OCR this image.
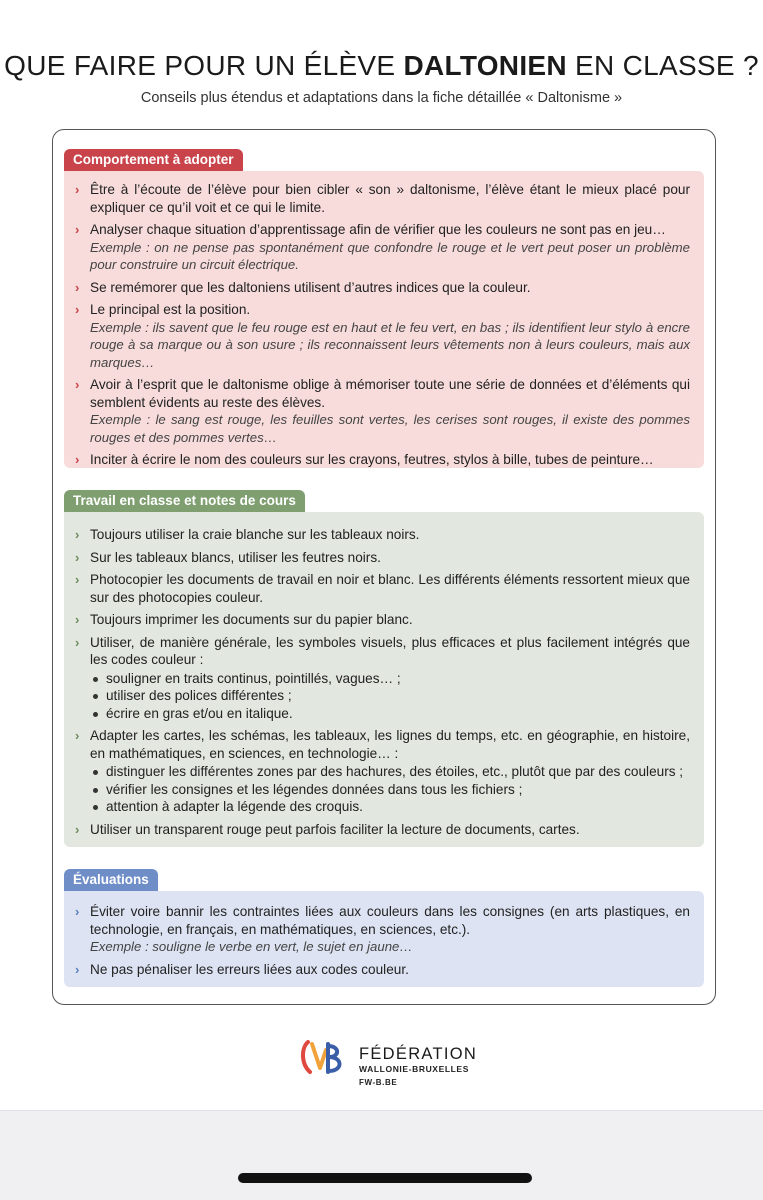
QUE FAIRE POUR UN ÉLÈVE DALTONIEN EN CLASSE ?
Conseils plus étendus et adaptations dans la fiche détaillée « Daltonisme »
Comportement à adopter
› Être à l’écoute de l’élève pour bien cibler « son » daltonisme, l’élève étant le mieux placé pour expliquer ce qu’il voit et ce qui le limite.
› Analyser chaque situation d’apprentissage afin de vérifier que les couleurs ne sont pas en jeu…
Exemple : on ne pense pas spontanément que confondre le rouge et le vert peut poser un problème pour construire un circuit électrique.
› Se remémorer que les daltoniens utilisent d’autres indices que la couleur.
› Le principal est la position.
Exemple : ils savent que le feu rouge est en haut et le feu vert, en bas ; ils identifient leur stylo à encre rouge à sa marque ou à son usure ; ils reconnaissent leurs vêtements non à leurs couleurs, mais aux marques…
› Avoir à l’esprit que le daltonisme oblige à mémoriser toute une série de données et d’éléments qui semblent évidents au reste des élèves.
Exemple : le sang est rouge, les feuilles sont vertes, les cerises sont rouges, il existe des pommes rouges et des pommes vertes…
› Inciter à écrire le nom des couleurs sur les crayons, feutres, stylos à bille, tubes de peinture…
Travail en classe et notes de cours
› Toujours utiliser la craie blanche sur les tableaux noirs.
› Sur les tableaux blancs, utiliser les feutres noirs.
› Photocopier les documents de travail en noir et blanc. Les différents éléments ressortent mieux que sur des photocopies couleur.
› Toujours imprimer les documents sur du papier blanc.
› Utiliser, de manière générale, les symboles visuels, plus efficaces et plus facilement intégrés que les codes couleur :
souligner en traits continus, pointillés, vagues… ;
utiliser des polices différentes ;
écrire en gras et/ou en italique.
› Adapter les cartes, les schémas, les tableaux, les lignes du temps, etc. en géographie, en histoire, en mathématiques, en sciences, en technologie… :
distinguer les différentes zones par des hachures, des étoiles, etc., plutôt que par des couleurs ;
vérifier les consignes et les légendes données dans tous les fichiers ;
attention à adapter la légende des croquis.
› Utiliser un transparent rouge peut parfois faciliter la lecture de documents, cartes.
Évaluations
› Éviter voire bannir les contraintes liées aux couleurs dans les consignes (en arts plastiques, en technologie, en français, en mathématiques, en sciences, etc.).
Exemple : souligne le verbe en vert, le sujet en jaune…
› Ne pas pénaliser les erreurs liées aux codes couleur.
FÉDÉRATION
WALLONIE-BRUXELLES
FW-B.BE
